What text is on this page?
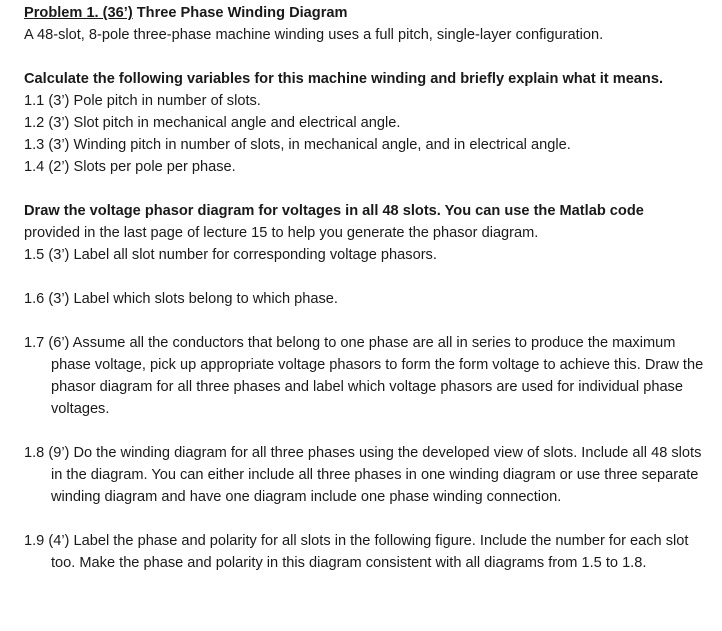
Problem 1. (36’) Three Phase Winding Diagram

A 48-slot, 8-pole three-phase machine winding uses a full pitch, single-layer configuration.

Calculate the following variables for this machine winding and briefly explain what it means.

1.1 (3’) Pole pitch in number of slots.

1.2 (3’) Slot pitch in mechanical angle and electrical angle.

1.3 (3’) Winding pitch in number of slots, in mechanical angle, and in electrical angle.

1.4 (2’) Slots per pole per phase.

Draw the voltage phasor diagram for voltages in all 48 slots. You can use the Matlab code

provided in the last page of lecture 15 to help you generate the phasor diagram.

1.5 (3’) Label all slot number for corresponding voltage phasors.

1.6 (3’) Label which slots belong to which phase.

1.7 (6’) Assume all the conductors that belong to one phase are all in series to produce the maximum phase voltage, pick up appropriate voltage phasors to form the form voltage to achieve this. Draw the phasor diagram for all three phases and label which voltage phasors are used for individual phase voltages.

1.8 (9’) Do the winding diagram for all three phases using the developed view of slots. Include all 48 slots in the diagram. You can either include all three phases in one winding diagram or use three separate winding diagram and have one diagram include one phase winding connection.

1.9 (4’) Label the phase and polarity for all slots in the following figure. Include the number for each slot too. Make the phase and polarity in this diagram consistent with all diagrams from 1.5 to 1.8.
